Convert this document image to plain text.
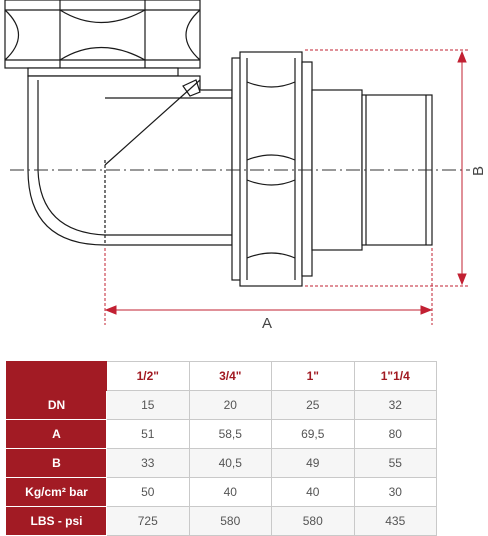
B
A
	1/2"	3/4"	1"	1"1/4
DN	15	20	25	32
A	51	58,5	69,5	80
B	33	40,5	49	55
Kg/cm² bar	50	40	40	30
LBS - psi	725	580	580	435
